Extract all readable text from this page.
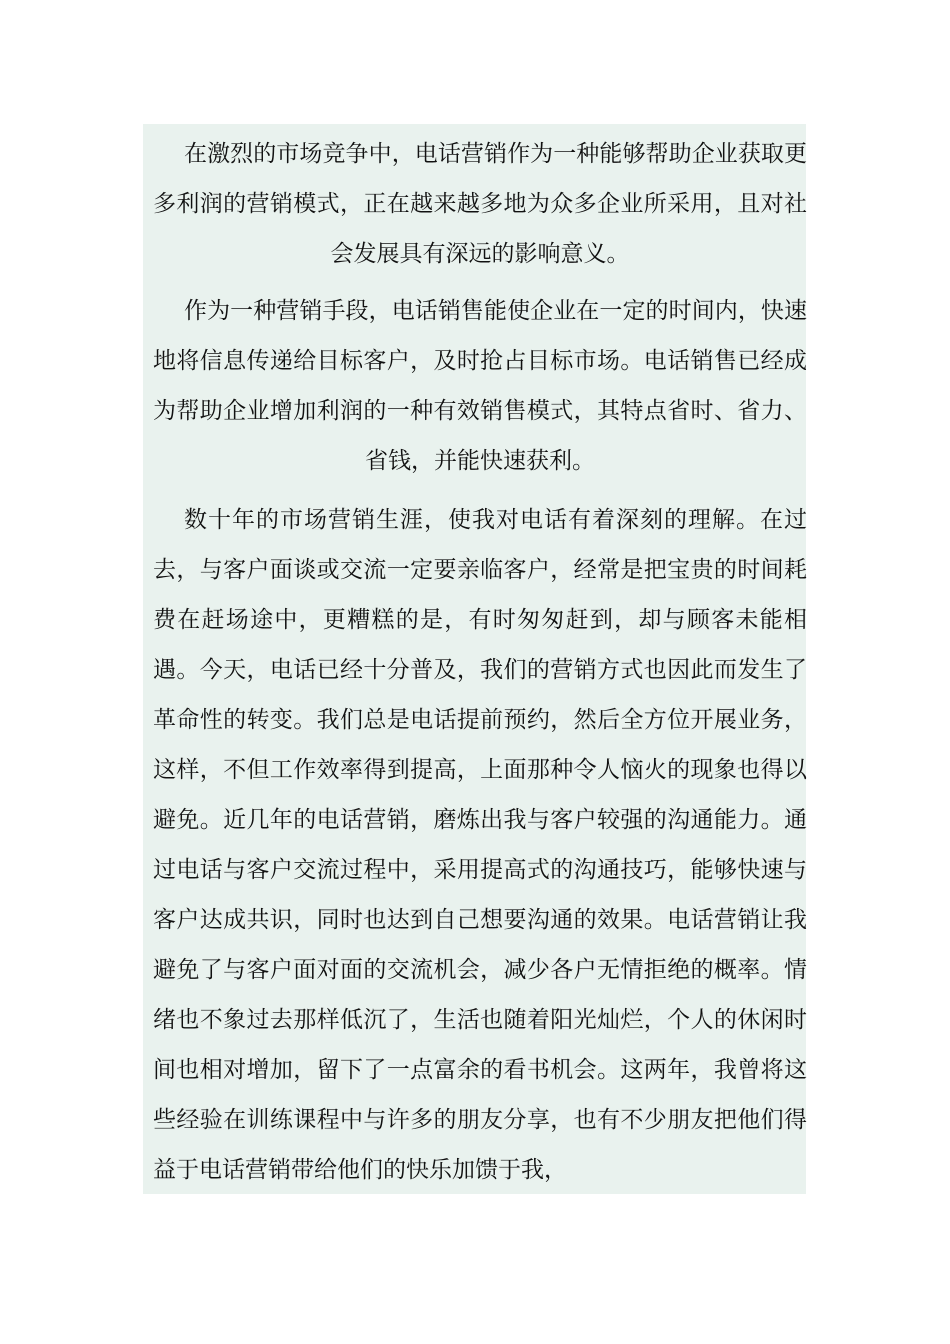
在激烈的市场竞争中，电话营销作为一种能够帮助企业获取更多利润的营销模式，正在越来越多地为众多企业所采用，且对社会发展具有深远的影响意义。

作为一种营销手段，电话销售能使企业在一定的时间内，快速地将信息传递给目标客户，及时抢占目标市场。电话销售已经成为帮助企业增加利润的一种有效销售模式，其特点省时、省力、省钱，并能快速获利。

数十年的市场营销生涯，使我对电话有着深刻的理解。在过去，与客户面谈或交流一定要亲临客户，经常是把宝贵的时间耗费在赶场途中，更糟糕的是，有时匆匆赶到，却与顾客未能相遇。今天，电话已经十分普及，我们的营销方式也因此而发生了革命性的转变。我们总是电话提前预约，然后全方位开展业务，这样，不但工作效率得到提高，上面那种令人恼火的现象也得以避免。近几年的电话营销，磨炼出我与客户较强的沟通能力。通过电话与客户交流过程中，采用提高式的沟通技巧，能够快速与客户达成共识，同时也达到自己想要沟通的效果。电话营销让我避免了与客户面对面的交流机会，减少各户无情拒绝的概率。情绪也不象过去那样低沉了，生活也随着阳光灿烂，个人的休闲时间也相对增加，留下了一点富余的看书机会。这两年，我曾将这些经验在训练课程中与许多的朋友分享，也有不少朋友把他们得益于电话营销带给他们的快乐加馈于我，
